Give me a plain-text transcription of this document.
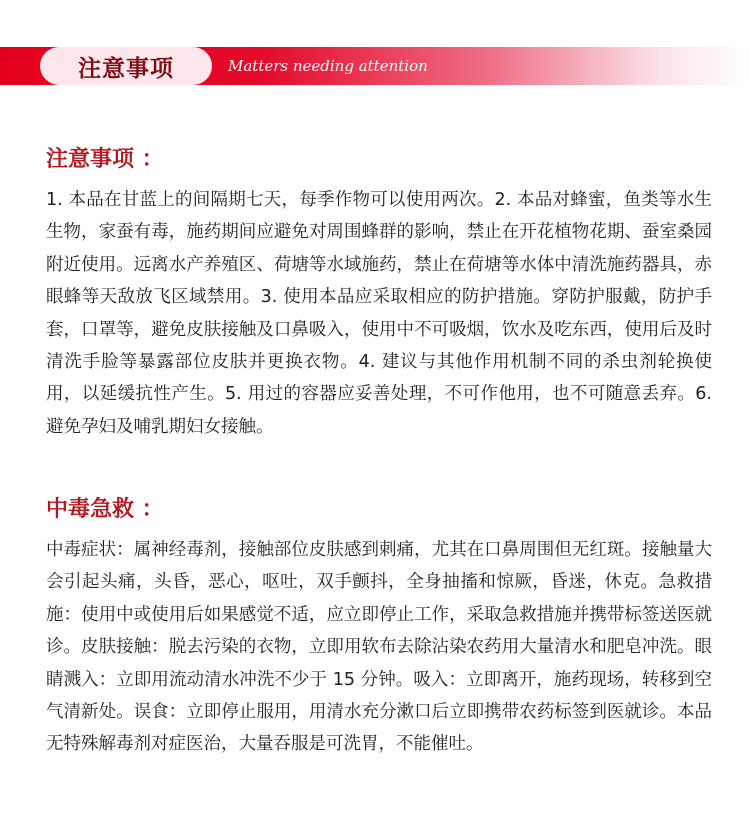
注意事项	Matters needing attention
注意事项 ：
1. 本品在甘蓝上的间隔期七天，每季作物可以使用两次。2. 本品对蜂蜜，鱼类等水生生物，家蚕有毒，施药期间应避免对周围蜂群的影响，禁止在开花植物花期、蚕室桑园附近使用。远离水产养殖区、荷塘等水域施药，禁止在荷塘等水体中清洗施药器具，赤眼蜂等天敌放飞区域禁用。3. 使用本品应采取相应的防护措施。穿防护服戴，防护手套，口罩等，避免皮肤接触及口鼻吸入，使用中不可吸烟，饮水及吃东西，使用后及时清洗手脸等暴露部位皮肤并更换衣物。4. 建议与其他作用机制不同的杀虫剂轮换使用，以延缓抗性产生。5. 用过的容器应妥善处理，不可作他用，也不可随意丢弃。6. 避免孕妇及哺乳期妇女接触。
中毒急救 ：
中毒症状：属神经毒剂，接触部位皮肤感到刺痛，尤其在口鼻周围但无红斑。接触量大会引起头痛，头昏，恶心，呕吐，双手颤抖，全身抽搐和惊厥，昏迷，休克。急救措施：使用中或使用后如果感觉不适，应立即停止工作，采取急救措施并携带标签送医就诊。皮肤接触：脱去污染的衣物，立即用软布去除沾染农药用大量清水和肥皂冲洗。眼睛溅入：立即用流动清水冲洗不少于 15 分钟。吸入：立即离开，施药现场，转移到空气清新处。误食：立即停止服用，用清水充分漱口后立即携带农药标签到医就诊。本品无特殊解毒剂对症医治，大量吞服是可洗胃，不能催吐。
